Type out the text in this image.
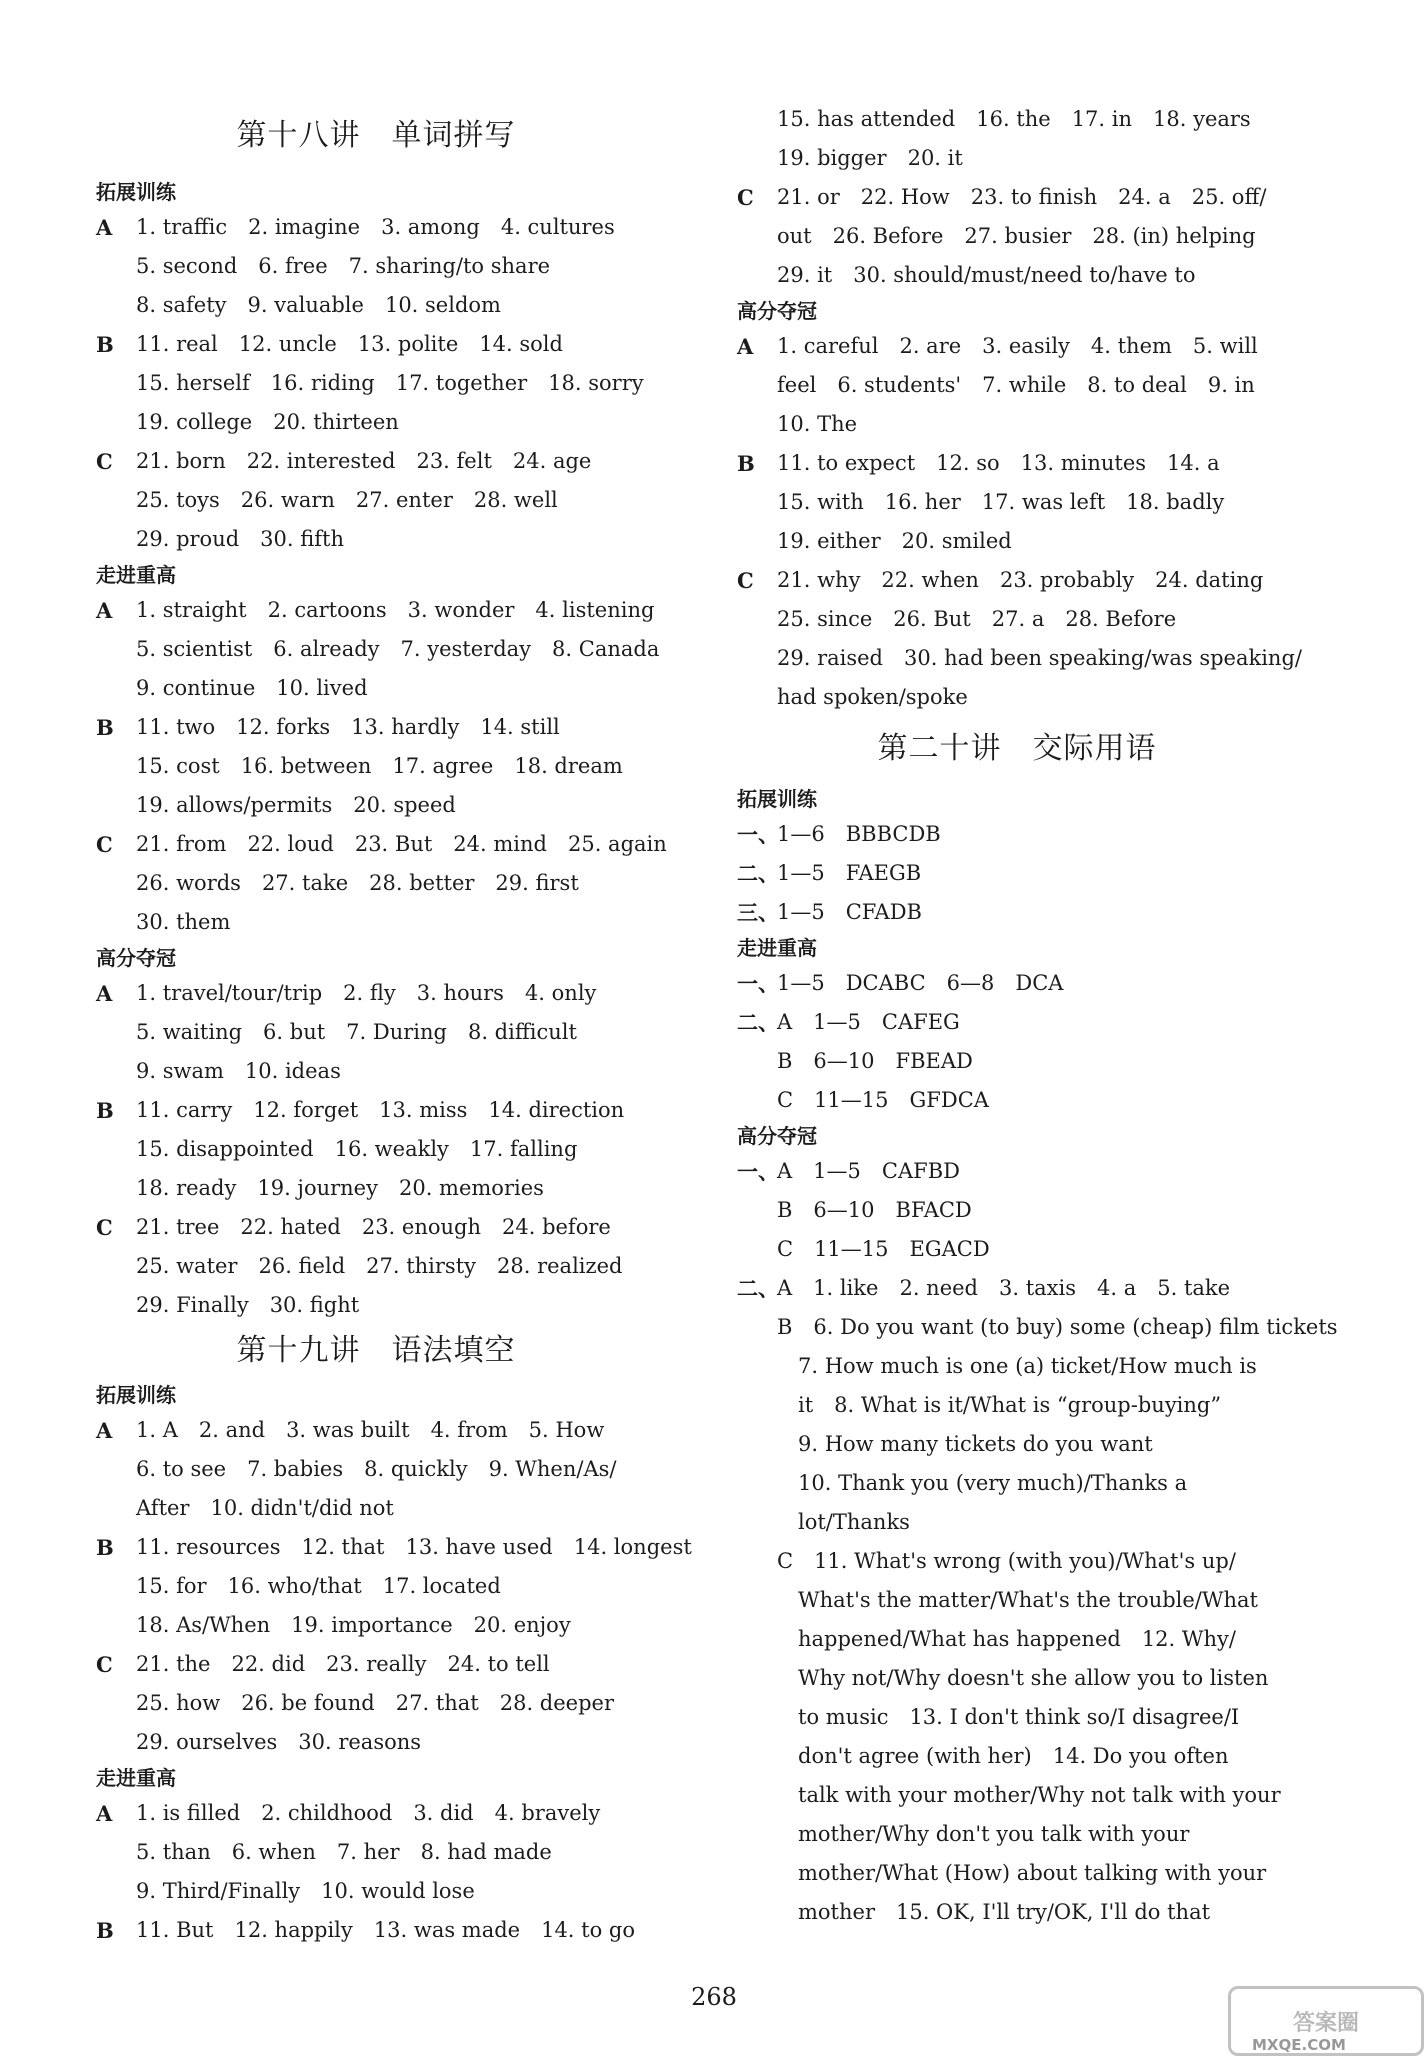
第十八讲　单词拼写
拓展训练
A	1. traffic　2. imagine　3. among　4. cultures
5. second　6. free　7. sharing/to share
8. safety　9. valuable　10. seldom
B	11. real　12. uncle　13. polite　14. sold
15. herself　16. riding　17. together　18. sorry
19. college　20. thirteen
C	21. born　22. interested　23. felt　24. age
25. toys　26. warn　27. enter　28. well
29. proud　30. fifth
走进重高
A	1. straight　2. cartoons　3. wonder　4. listening
5. scientist　6. already　7. yesterday　8. Canada
9. continue　10. lived
B	11. two　12. forks　13. hardly　14. still
15. cost　16. between　17. agree　18. dream
19. allows/permits　20. speed
C	21. from　22. loud　23. But　24. mind　25. again
26. words　27. take　28. better　29. first
30. them
高分夺冠
A	1. travel/tour/trip　2. fly　3. hours　4. only
5. waiting　6. but　7. During　8. difficult
9. swam　10. ideas
B	11. carry　12. forget　13. miss　14. direction
15. disappointed　16. weakly　17. falling
18. ready　19. journey　20. memories
C	21. tree　22. hated　23. enough　24. before
25. water　26. field　27. thirsty　28. realized
29. Finally　30. fight
第十九讲　语法填空
拓展训练
A	1. A　2. and　3. was built　4. from　5. How
6. to see　7. babies　8. quickly　9. When/As/
After　10. didn't/did not
B	11. resources　12. that　13. have used　14. longest
15. for　16. who/that　17. located
18. As/When　19. importance　20. enjoy
C	21. the　22. did　23. really　24. to tell
25. how　26. be found　27. that　28. deeper
29. ourselves　30. reasons
走进重高
A	1. is filled　2. childhood　3. did　4. bravely
5. than　6. when　7. her　8. had made
9. Third/Finally　10. would lose
B	11. But　12. happily　13. was made　14. to go
15. has attended　16. the　17. in　18. years
19. bigger　20. it
C	21. or　22. How　23. to finish　24. a　25. off/
out　26. Before　27. busier　28. (in) helping
29. it　30. should/must/need to/have to
高分夺冠
A	1. careful　2. are　3. easily　4. them　5. will
feel　6. students'　7. while　8. to deal　9. in
10. The
B	11. to expect　12. so　13. minutes　14. a
15. with　16. her　17. was left　18. badly
19. either　20. smiled
C	21. why　22. when　23. probably　24. dating
25. since　26. But　27. a　28. Before
29. raised　30. had been speaking/was speaking/
had spoken/spoke
第二十讲　交际用语
拓展训练
一、
1—6　BBBCDB
二、
1—5　FAEGB
三、
1—5　CFADB
走进重高
一、
1—5　DCABC　6—8　DCA
二、
A　1—5　CAFEG
B　6—10　FBEAD
C　11—15　GFDCA
高分夺冠
一、
A　1—5　CAFBD
B　6—10　BFACD
C　11—15　EGACD
二、
A　1. like　2. need　3. taxis　4. a　5. take
B　6. Do you want (to buy) some (cheap) film tickets
　7. How much is one (a) ticket/How much is
　it　8. What is it/What is “group-buying”
　9. How many tickets do you want
　10. Thank you (very much)/Thanks a
　lot/Thanks
C　11. What's wrong (with you)/What's up/
　What's the matter/What's the trouble/What
　happened/What has happened　12. Why/
　Why not/Why doesn't she allow you to listen
　to music　13. I don't think so/I disagree/I
　don't agree (with her)　14. Do you often
　talk with your mother/Why not talk with your
　mother/Why don't you talk with your
　mother/What (How) about talking with your
　mother　15. OK, I'll try/OK, I'll do that
268
答案圈
MXQE.COM
